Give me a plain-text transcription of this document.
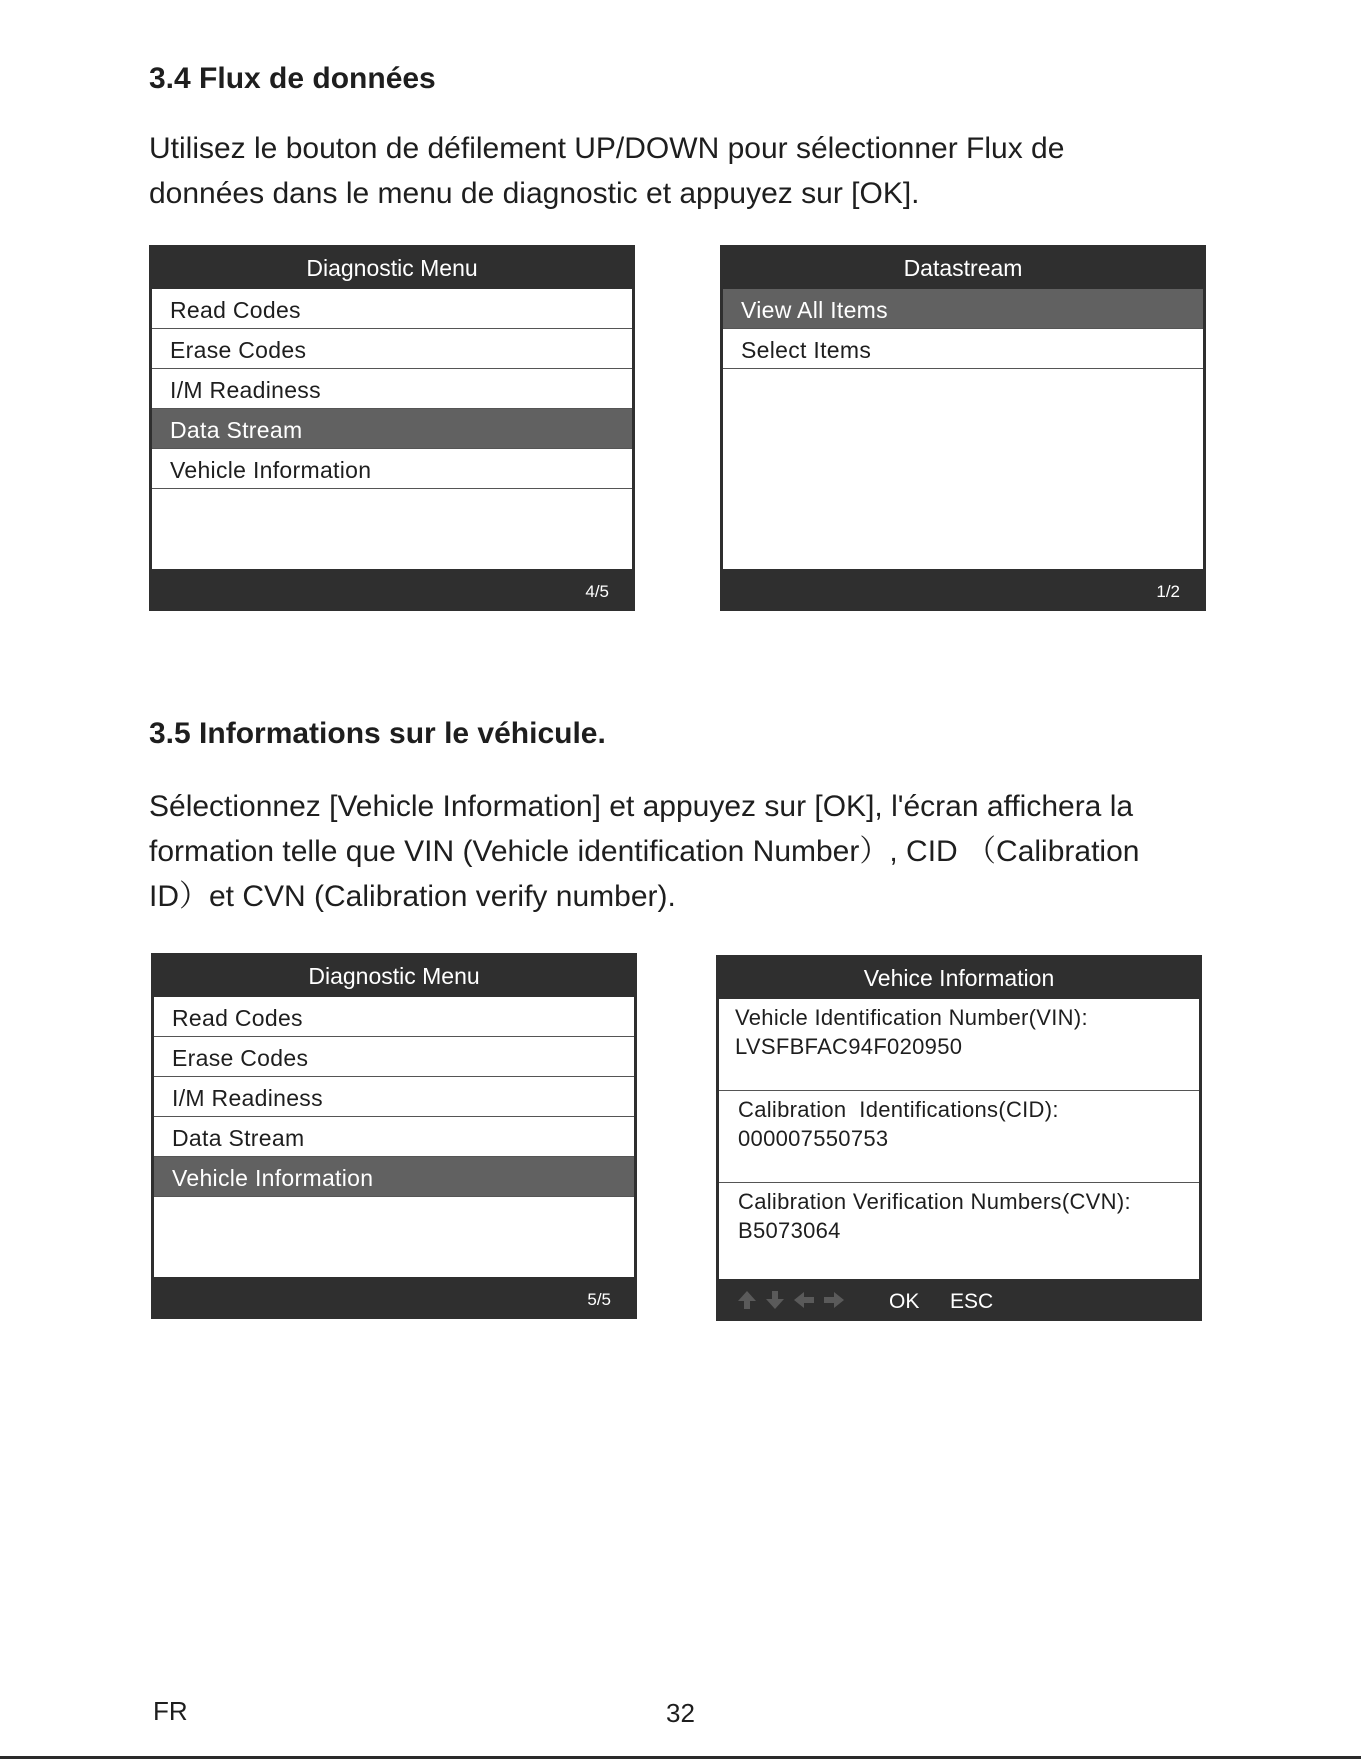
3.4 Flux de données

Utilisez le bouton de défilement UP/DOWN pour sélectionner Flux de
données dans le menu de diagnostic et appuyez sur [OK].

Diagnostic Menu
Read Codes
Erase Codes
I/M Readiness
Data Stream
Vehicle Information
4/5
Datastream
View All Items
Select Items
1/2
3.5 Informations sur le véhicule.

Sélectionnez [Vehicle Information] et appuyez sur [OK], l'écran affichera la
formation telle que VIN (Vehicle identification Number）, CID （Calibration
ID）et CVN (Calibration verify number).

Diagnostic Menu
Read Codes
Erase Codes
I/M Readiness
Data Stream
Vehicle Information
5/5
Vehice Information
Vehicle Identification Number(VIN):
LVSFBFAC94F020950
Calibration  Identifications(CID):
000007550753
Calibration Verification Numbers(CVN):
B5073064
OK ESC
FR	32
